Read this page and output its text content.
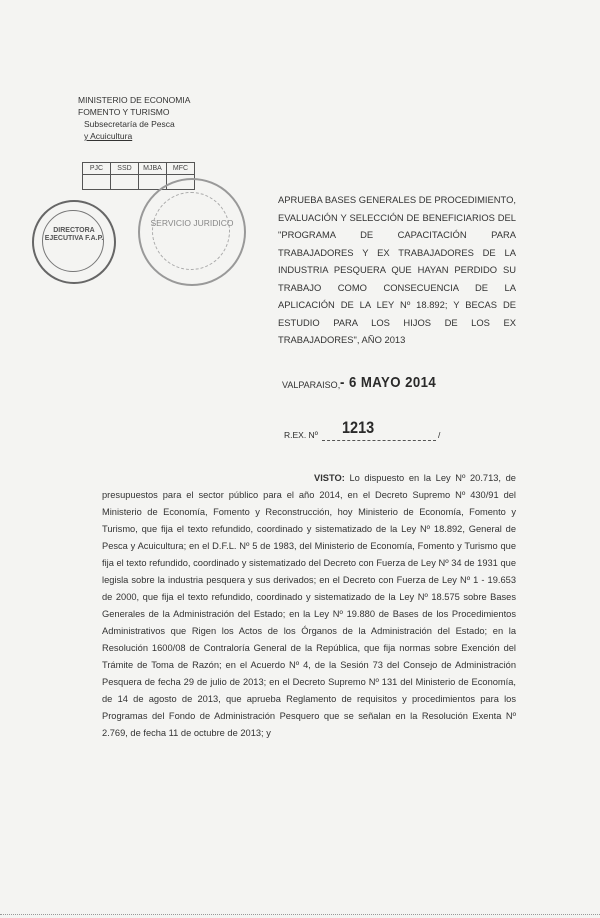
MINISTERIO DE ECONOMIA
FOMENTO Y TURISMO
Subsecretaría de Pesca
y Acuicultura
PJC	SSD	MJBA	MFC

DIRECTORA EJECUTIVA F.A.P.
SERVICIO JURIDICO
APRUEBA BASES GENERALES DE PROCEDIMIENTO, EVALUACIÓN Y SELECCIÓN DE BENEFICIARIOS DEL "PROGRAMA DE CAPACITACIÓN PARA TRABAJADORES Y EX TRABAJADORES DE LA INDUSTRIA PESQUERA QUE HAYAN PERDIDO SU TRABAJO COMO CONSECUENCIA DE LA APLICACIÓN DE LA LEY Nº 18.892; Y BECAS DE ESTUDIO PARA LOS HIJOS DE LOS EX TRABAJADORES", AÑO 2013
VALPARAISO, - 6 MAYO 2014
R.EX. Nº 1213	/
VISTO: Lo dispuesto en la Ley Nº 20.713, de presupuestos para el sector público para el año 2014, en el Decreto Supremo Nº 430/91 del Ministerio de Economía, Fomento y Reconstrucción, hoy Ministerio de Economía, Fomento y Turismo, que fija el texto refundido, coordinado y sistematizado de la Ley Nº 18.892, General de Pesca y Acuicultura; en el D.F.L. Nº 5 de 1983, del Ministerio de Economía, Fomento y Turismo que fija el texto refundido, coordinado y sistematizado del Decreto con Fuerza de Ley Nº 34 de 1931 que legisla sobre la industria pesquera y sus derivados; en el Decreto con Fuerza de Ley Nº 1 - 19.653 de 2000, que fija el texto refundido, coordinado y sistematizado de la Ley Nº 18.575 sobre Bases Generales de la Administración del Estado; en la Ley Nº 19.880 de Bases de los Procedimientos Administrativos que Rigen los Actos de los Órganos de la Administración del Estado; en la Resolución 1600/08 de Contraloría General de la República, que fija normas sobre Exención del Trámite de Toma de Razón; en el Acuerdo Nº 4, de la Sesión 73 del Consejo de Administración Pesquera de fecha 29 de julio de 2013; en el Decreto Supremo Nº 131 del Ministerio de Economía, de 14 de agosto de 2013, que aprueba Reglamento de requisitos y procedimientos para los Programas del Fondo de Administración Pesquero que se señalan en la Resolución Exenta Nº 2.769, de fecha 11 de octubre de 2013; y
